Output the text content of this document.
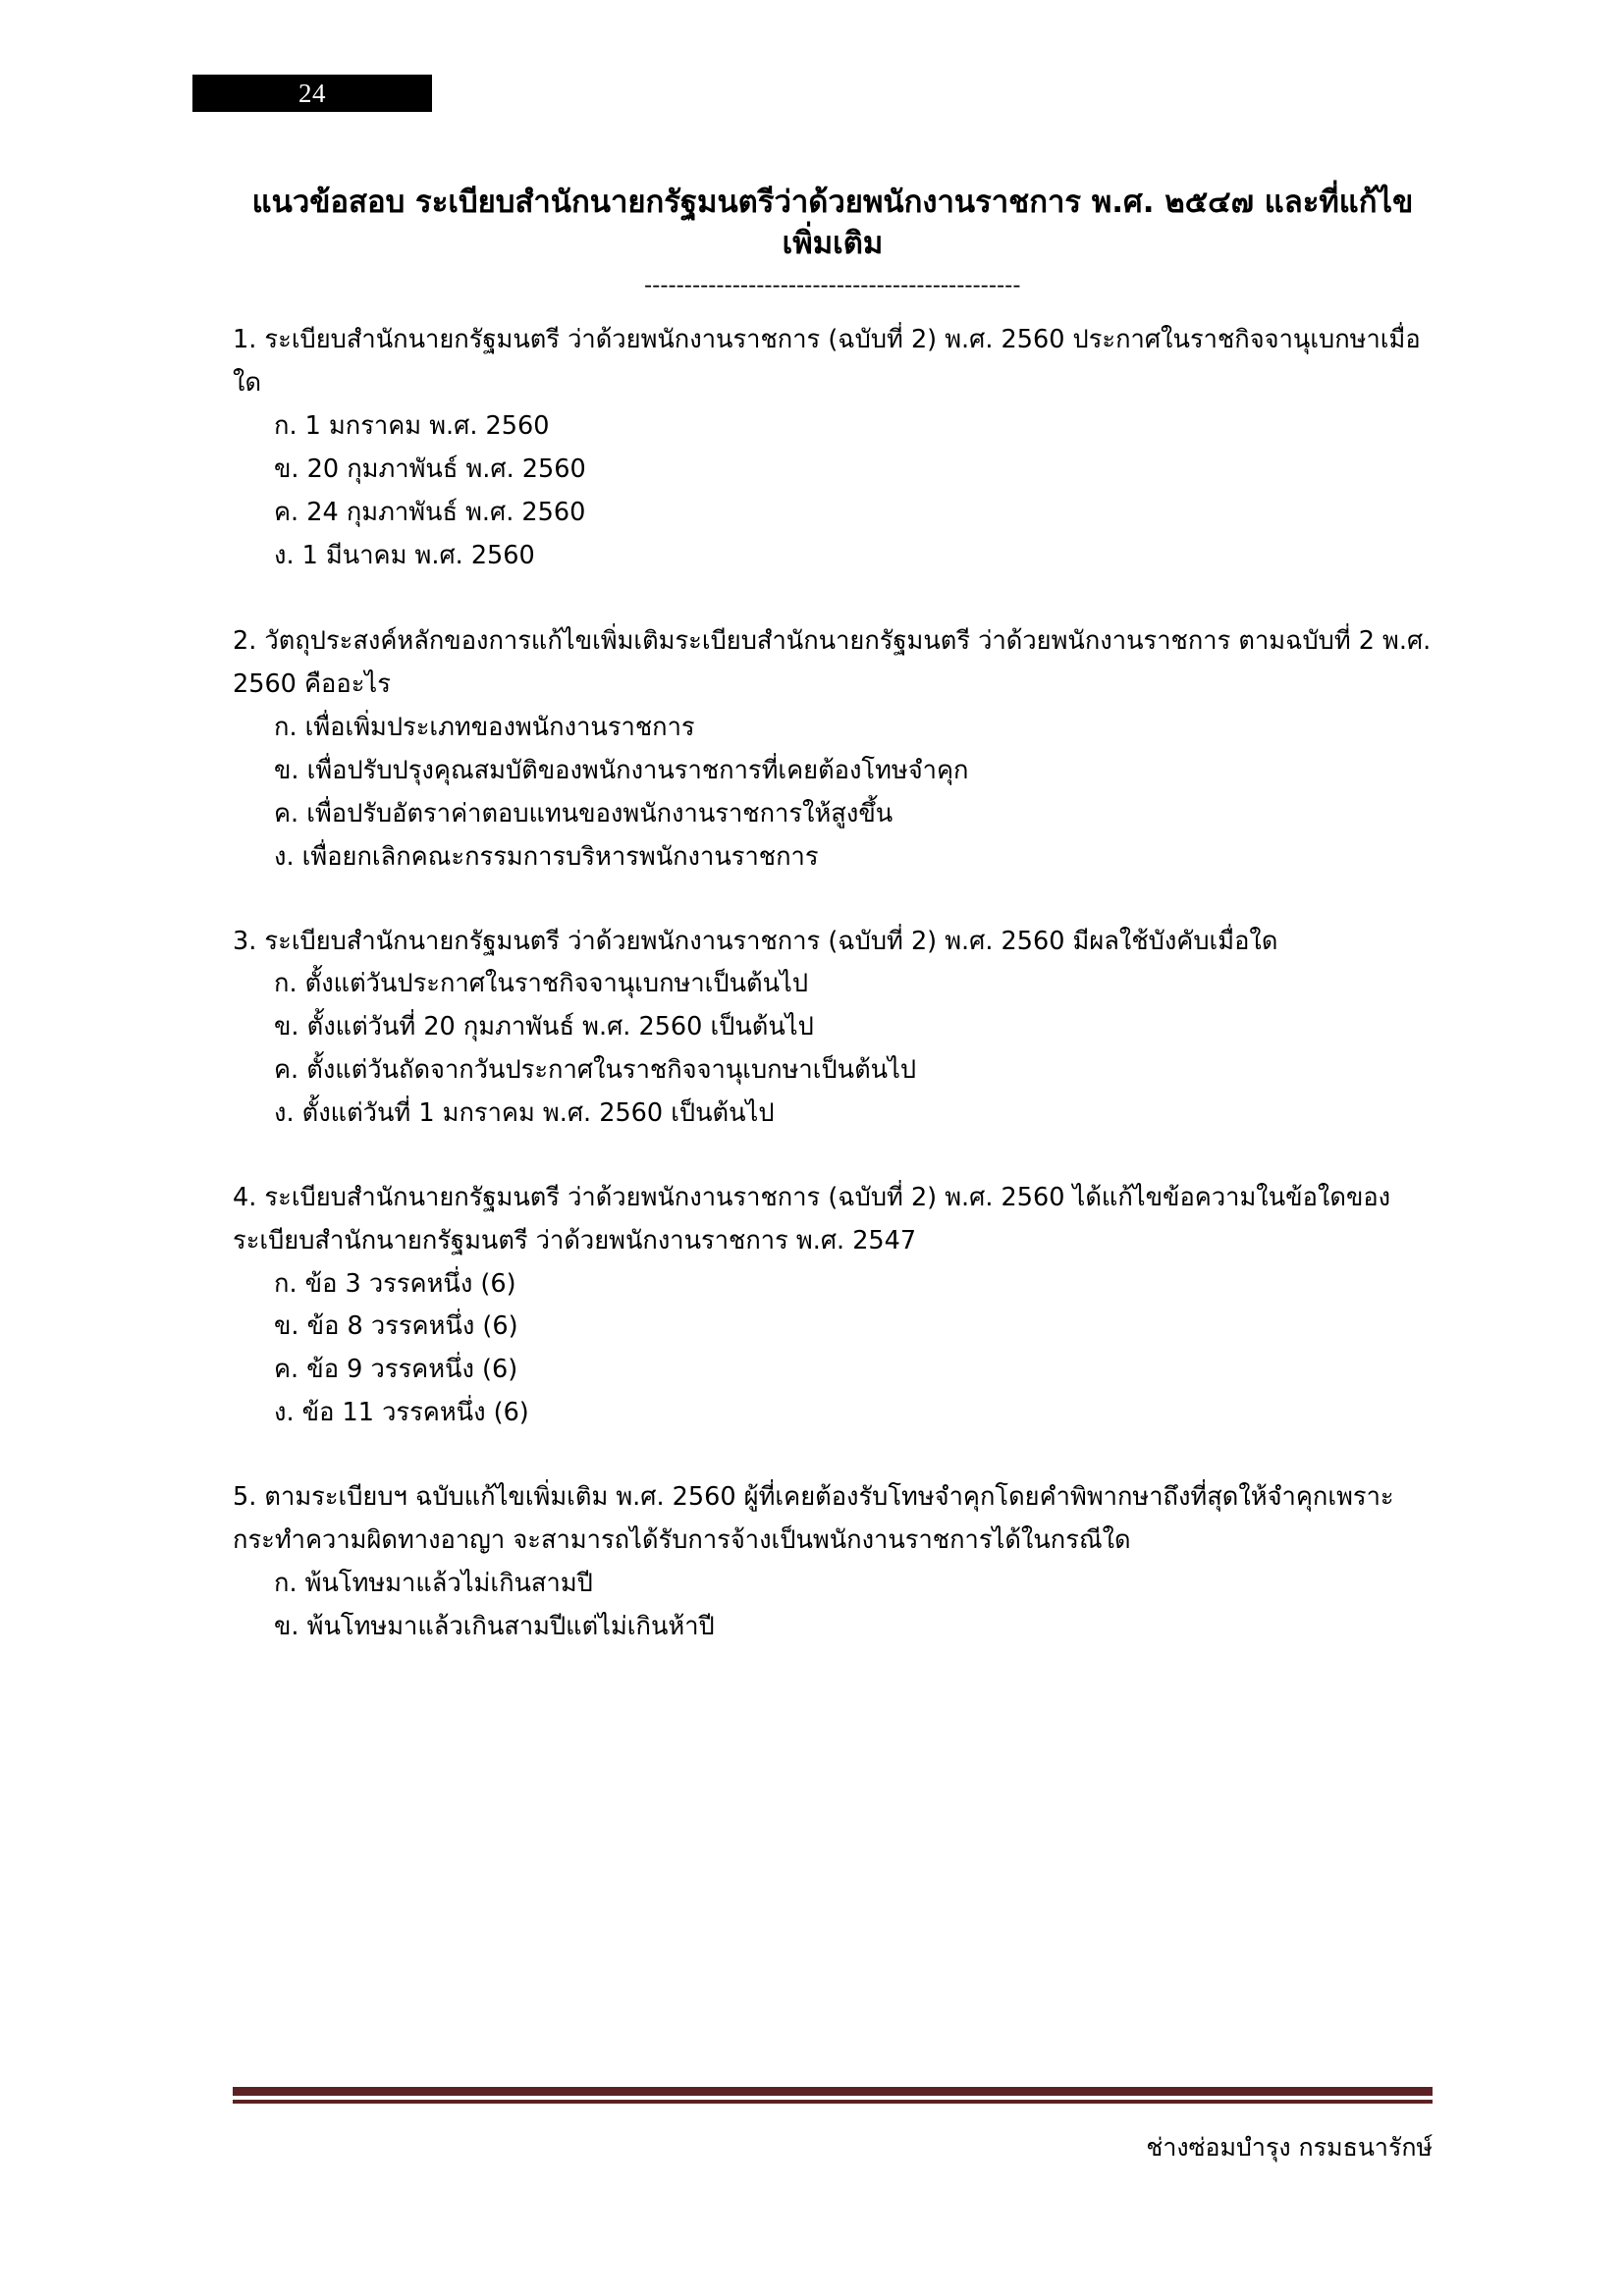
24
แนวข้อสอบ ระเบียบสำนักนายกรัฐมนตรีว่าด้วยพนักงานราชการ พ.ศ. ๒๕๔๗ และที่แก้ไขเพิ่มเติม
-----------------------------------------------

1. ระเบียบสำนักนายกรัฐมนตรี ว่าด้วยพนักงานราชการ (ฉบับที่ 2) พ.ศ. 2560 ประกาศในราชกิจจานุเบกษาเมื่อใด

ก. 1 มกราคม พ.ศ. 2560
ข. 20 กุมภาพันธ์ พ.ศ. 2560
ค. 24 กุมภาพันธ์ พ.ศ. 2560
ง. 1 มีนาคม พ.ศ. 2560

2. วัตถุประสงค์หลักของการแก้ไขเพิ่มเติมระเบียบสำนักนายกรัฐมนตรี ว่าด้วยพนักงานราชการ ตามฉบับที่ 2 พ.ศ. 2560 คืออะไร

ก. เพื่อเพิ่มประเภทของพนักงานราชการ
ข. เพื่อปรับปรุงคุณสมบัติของพนักงานราชการที่เคยต้องโทษจำคุก
ค. เพื่อปรับอัตราค่าตอบแทนของพนักงานราชการให้สูงขึ้น
ง. เพื่อยกเลิกคณะกรรมการบริหารพนักงานราชการ

3. ระเบียบสำนักนายกรัฐมนตรี ว่าด้วยพนักงานราชการ (ฉบับที่ 2) พ.ศ. 2560 มีผลใช้บังคับเมื่อใด

ก. ตั้งแต่วันประกาศในราชกิจจานุเบกษาเป็นต้นไป
ข. ตั้งแต่วันที่ 20 กุมภาพันธ์ พ.ศ. 2560 เป็นต้นไป
ค. ตั้งแต่วันถัดจากวันประกาศในราชกิจจานุเบกษาเป็นต้นไป
ง. ตั้งแต่วันที่ 1 มกราคม พ.ศ. 2560 เป็นต้นไป

4. ระเบียบสำนักนายกรัฐมนตรี ว่าด้วยพนักงานราชการ (ฉบับที่ 2) พ.ศ. 2560 ได้แก้ไขข้อความในข้อใดของระเบียบสำนักนายกรัฐมนตรี ว่าด้วยพนักงานราชการ พ.ศ. 2547

ก. ข้อ 3 วรรคหนึ่ง (6)
ข. ข้อ 8 วรรคหนึ่ง (6)
ค. ข้อ 9 วรรคหนึ่ง (6)
ง. ข้อ 11 วรรคหนึ่ง (6)

5. ตามระเบียบฯ ฉบับแก้ไขเพิ่มเติม พ.ศ. 2560 ผู้ที่เคยต้องรับโทษจำคุกโดยคำพิพากษาถึงที่สุดให้จำคุกเพราะกระทำความผิดทางอาญา จะสามารถได้รับการจ้างเป็นพนักงานราชการได้ในกรณีใด

ก. พ้นโทษมาแล้วไม่เกินสามปี
ข. พ้นโทษมาแล้วเกินสามปีแต่ไม่เกินห้าปี
ช่างซ่อมบำรุง กรมธนารักษ์
